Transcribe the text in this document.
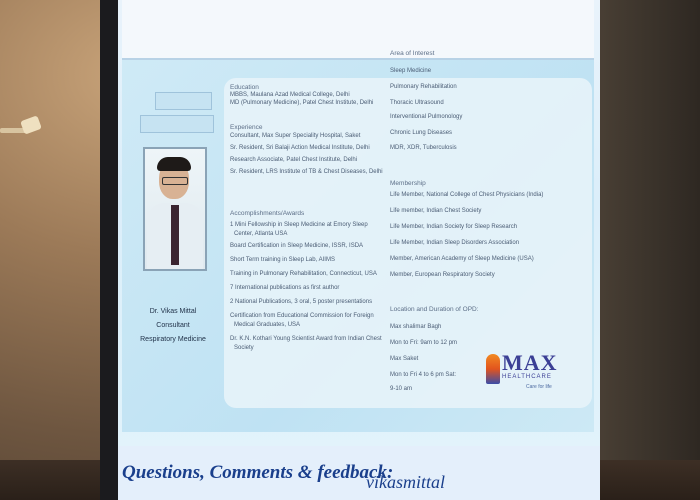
Dr. Vikas Mittal
Consultant
Respiratory Medicine
Education
MBBS, Maulana Azad Medical College, Delhi
MD (Pulmonary Medicine), Patel Chest Institute, Delhi
Experience
Consultant, Max Super Speciality Hospital, Saket
Sr. Resident, Sri Balaji Action Medical Institute, Delhi
Research Associate, Patel Chest Institute, Delhi
Sr. Resident, LRS Institute of TB & Chest Diseases, Delhi
Accomplishments/Awards
1 Mini Fellowship in Sleep Medicine at Emory Sleep
Center, Atlanta USA
Board Certification in Sleep Medicine, ISSR, ISDA
Short Term training in Sleep Lab, AIIMS
Training in Pulmonary Rehabilitation, Connecticut, USA
7 International publications as first author
2 National Publications, 3 oral, 5 poster presentations
Certification from Educational Commission for Foreign
Medical Graduates, USA
Dr. K.N. Kothari Young Scientist Award from Indian Chest
Society
Area of Interest
Sleep Medicine
Pulmonary Rehabilitation
Thoracic Ultrasound
Interventional Pulmonology
Chronic Lung Diseases
MDR, XDR, Tuberculosis
Membership
Life Member, National College of Chest Physicians (India)
Life member, Indian Chest Society
Life Member, Indian Society for Sleep Research
Life Member, Indian Sleep Disorders Association
Member, American Academy of Sleep Medicine (USA)
Member, European Respiratory Society
Location and Duration of OPD:
Max shalimar Bagh
Mon to Fri: 9am to 12 pm
Max Saket
Mon to Fri 4 to 6 pm Sat:
9-10 am
MAX
HEALTHCARE
Care for life
Questions, Comments & feedback:
vikasmittal
